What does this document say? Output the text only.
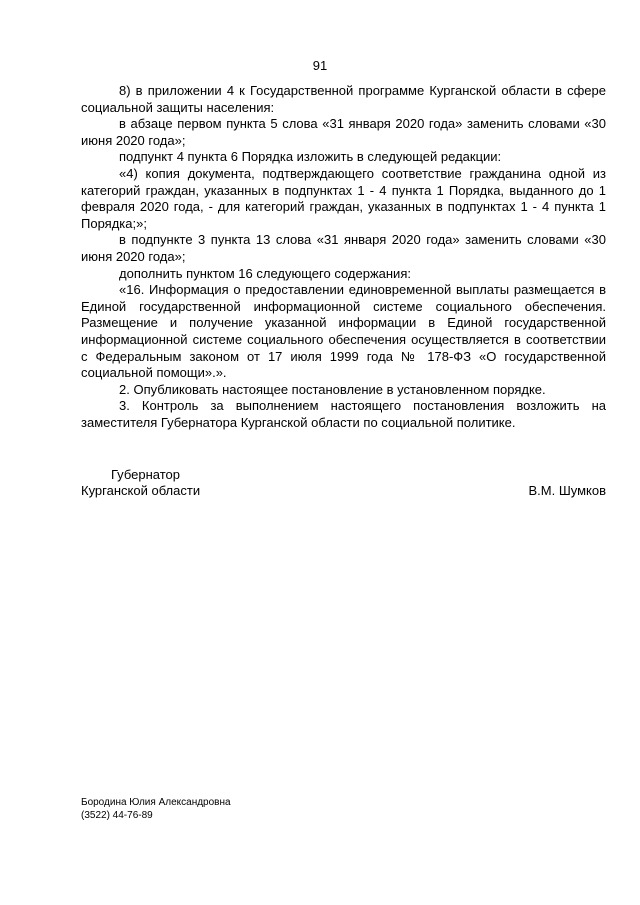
91

8) в приложении 4 к Государственной программе Курганской области в сфере социальной защиты населения:

в абзаце первом пункта 5 слова «31 января 2020 года» заменить словами «30 июня 2020 года»;

подпункт 4 пункта 6 Порядка изложить в следующей редакции:

«4) копия документа, подтверждающего соответствие гражданина одной из категорий граждан, указанных в подпунктах 1 - 4 пункта 1 Порядка, выданного до 1 февраля 2020 года, - для категорий граждан, указанных в подпунктах 1 - 4 пункта 1 Порядка;»;

в подпункте 3 пункта 13 слова «31 января 2020 года» заменить словами «30 июня 2020 года»;

дополнить пунктом 16 следующего содержания:

«16. Информация о предоставлении единовременной выплаты размещается в Единой государственной информационной системе социального обеспечения. Размещение и получение указанной информации в Единой государственной информационной системе социального обеспечения осуществляется в соответствии с Федеральным законом от 17 июля 1999 года № 178-ФЗ «О государственной социальной помощи».».

2. Опубликовать настоящее постановление в установленном порядке.

3. Контроль за выполнением настоящего постановления возложить на заместителя Губернатора Курганской области по социальной политике.

Губернатор
Курганской области	В.М. Шумков
Бородина Юлия Александровна
(3522) 44-76-89
